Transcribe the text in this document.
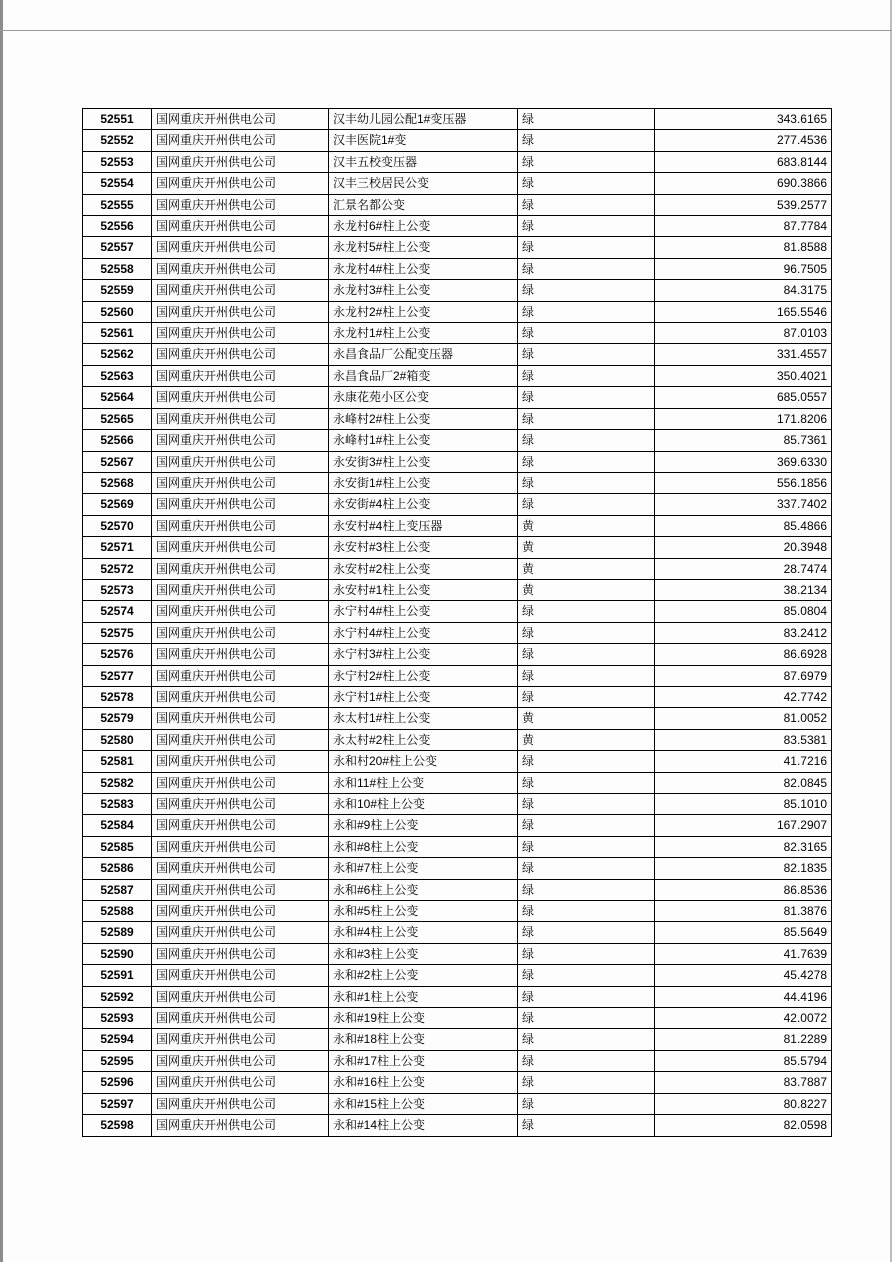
52551	国网重庆开州供电公司	汉丰幼儿园公配1#变压器	绿	343.6165
52552	国网重庆开州供电公司	汉丰医院1#变	绿	277.4536
52553	国网重庆开州供电公司	汉丰五校变压器	绿	683.8144
52554	国网重庆开州供电公司	汉丰三校居民公变	绿	690.3866
52555	国网重庆开州供电公司	汇景名都公变	绿	539.2577
52556	国网重庆开州供电公司	永龙村6#柱上公变	绿	87.7784
52557	国网重庆开州供电公司	永龙村5#柱上公变	绿	81.8588
52558	国网重庆开州供电公司	永龙村4#柱上公变	绿	96.7505
52559	国网重庆开州供电公司	永龙村3#柱上公变	绿	84.3175
52560	国网重庆开州供电公司	永龙村2#柱上公变	绿	165.5546
52561	国网重庆开州供电公司	永龙村1#柱上公变	绿	87.0103
52562	国网重庆开州供电公司	永昌食品厂公配变压器	绿	331.4557
52563	国网重庆开州供电公司	永昌食品厂2#箱变	绿	350.4021
52564	国网重庆开州供电公司	永康花苑小区公变	绿	685.0557
52565	国网重庆开州供电公司	永峰村2#柱上公变	绿	171.8206
52566	国网重庆开州供电公司	永峰村1#柱上公变	绿	85.7361
52567	国网重庆开州供电公司	永安街3#柱上公变	绿	369.6330
52568	国网重庆开州供电公司	永安街1#柱上公变	绿	556.1856
52569	国网重庆开州供电公司	永安街#4柱上公变	绿	337.7402
52570	国网重庆开州供电公司	永安村#4柱上变压器	黄	85.4866
52571	国网重庆开州供电公司	永安村#3柱上公变	黄	20.3948
52572	国网重庆开州供电公司	永安村#2柱上公变	黄	28.7474
52573	国网重庆开州供电公司	永安村#1柱上公变	黄	38.2134
52574	国网重庆开州供电公司	永宁村4#柱上公变	绿	85.0804
52575	国网重庆开州供电公司	永宁村4#柱上公变	绿	83.2412
52576	国网重庆开州供电公司	永宁村3#柱上公变	绿	86.6928
52577	国网重庆开州供电公司	永宁村2#柱上公变	绿	87.6979
52578	国网重庆开州供电公司	永宁村1#柱上公变	绿	42.7742
52579	国网重庆开州供电公司	永太村1#柱上公变	黄	81.0052
52580	国网重庆开州供电公司	永太村#2柱上公变	黄	83.5381
52581	国网重庆开州供电公司	永和村20#柱上公变	绿	41.7216
52582	国网重庆开州供电公司	永和11#柱上公变	绿	82.0845
52583	国网重庆开州供电公司	永和10#柱上公变	绿	85.1010
52584	国网重庆开州供电公司	永和#9柱上公变	绿	167.2907
52585	国网重庆开州供电公司	永和#8柱上公变	绿	82.3165
52586	国网重庆开州供电公司	永和#7柱上公变	绿	82.1835
52587	国网重庆开州供电公司	永和#6柱上公变	绿	86.8536
52588	国网重庆开州供电公司	永和#5柱上公变	绿	81.3876
52589	国网重庆开州供电公司	永和#4柱上公变	绿	85.5649
52590	国网重庆开州供电公司	永和#3柱上公变	绿	41.7639
52591	国网重庆开州供电公司	永和#2柱上公变	绿	45.4278
52592	国网重庆开州供电公司	永和#1柱上公变	绿	44.4196
52593	国网重庆开州供电公司	永和#19柱上公变	绿	42.0072
52594	国网重庆开州供电公司	永和#18柱上公变	绿	81.2289
52595	国网重庆开州供电公司	永和#17柱上公变	绿	85.5794
52596	国网重庆开州供电公司	永和#16柱上公变	绿	83.7887
52597	国网重庆开州供电公司	永和#15柱上公变	绿	80.8227
52598	国网重庆开州供电公司	永和#14柱上公变	绿	82.0598
